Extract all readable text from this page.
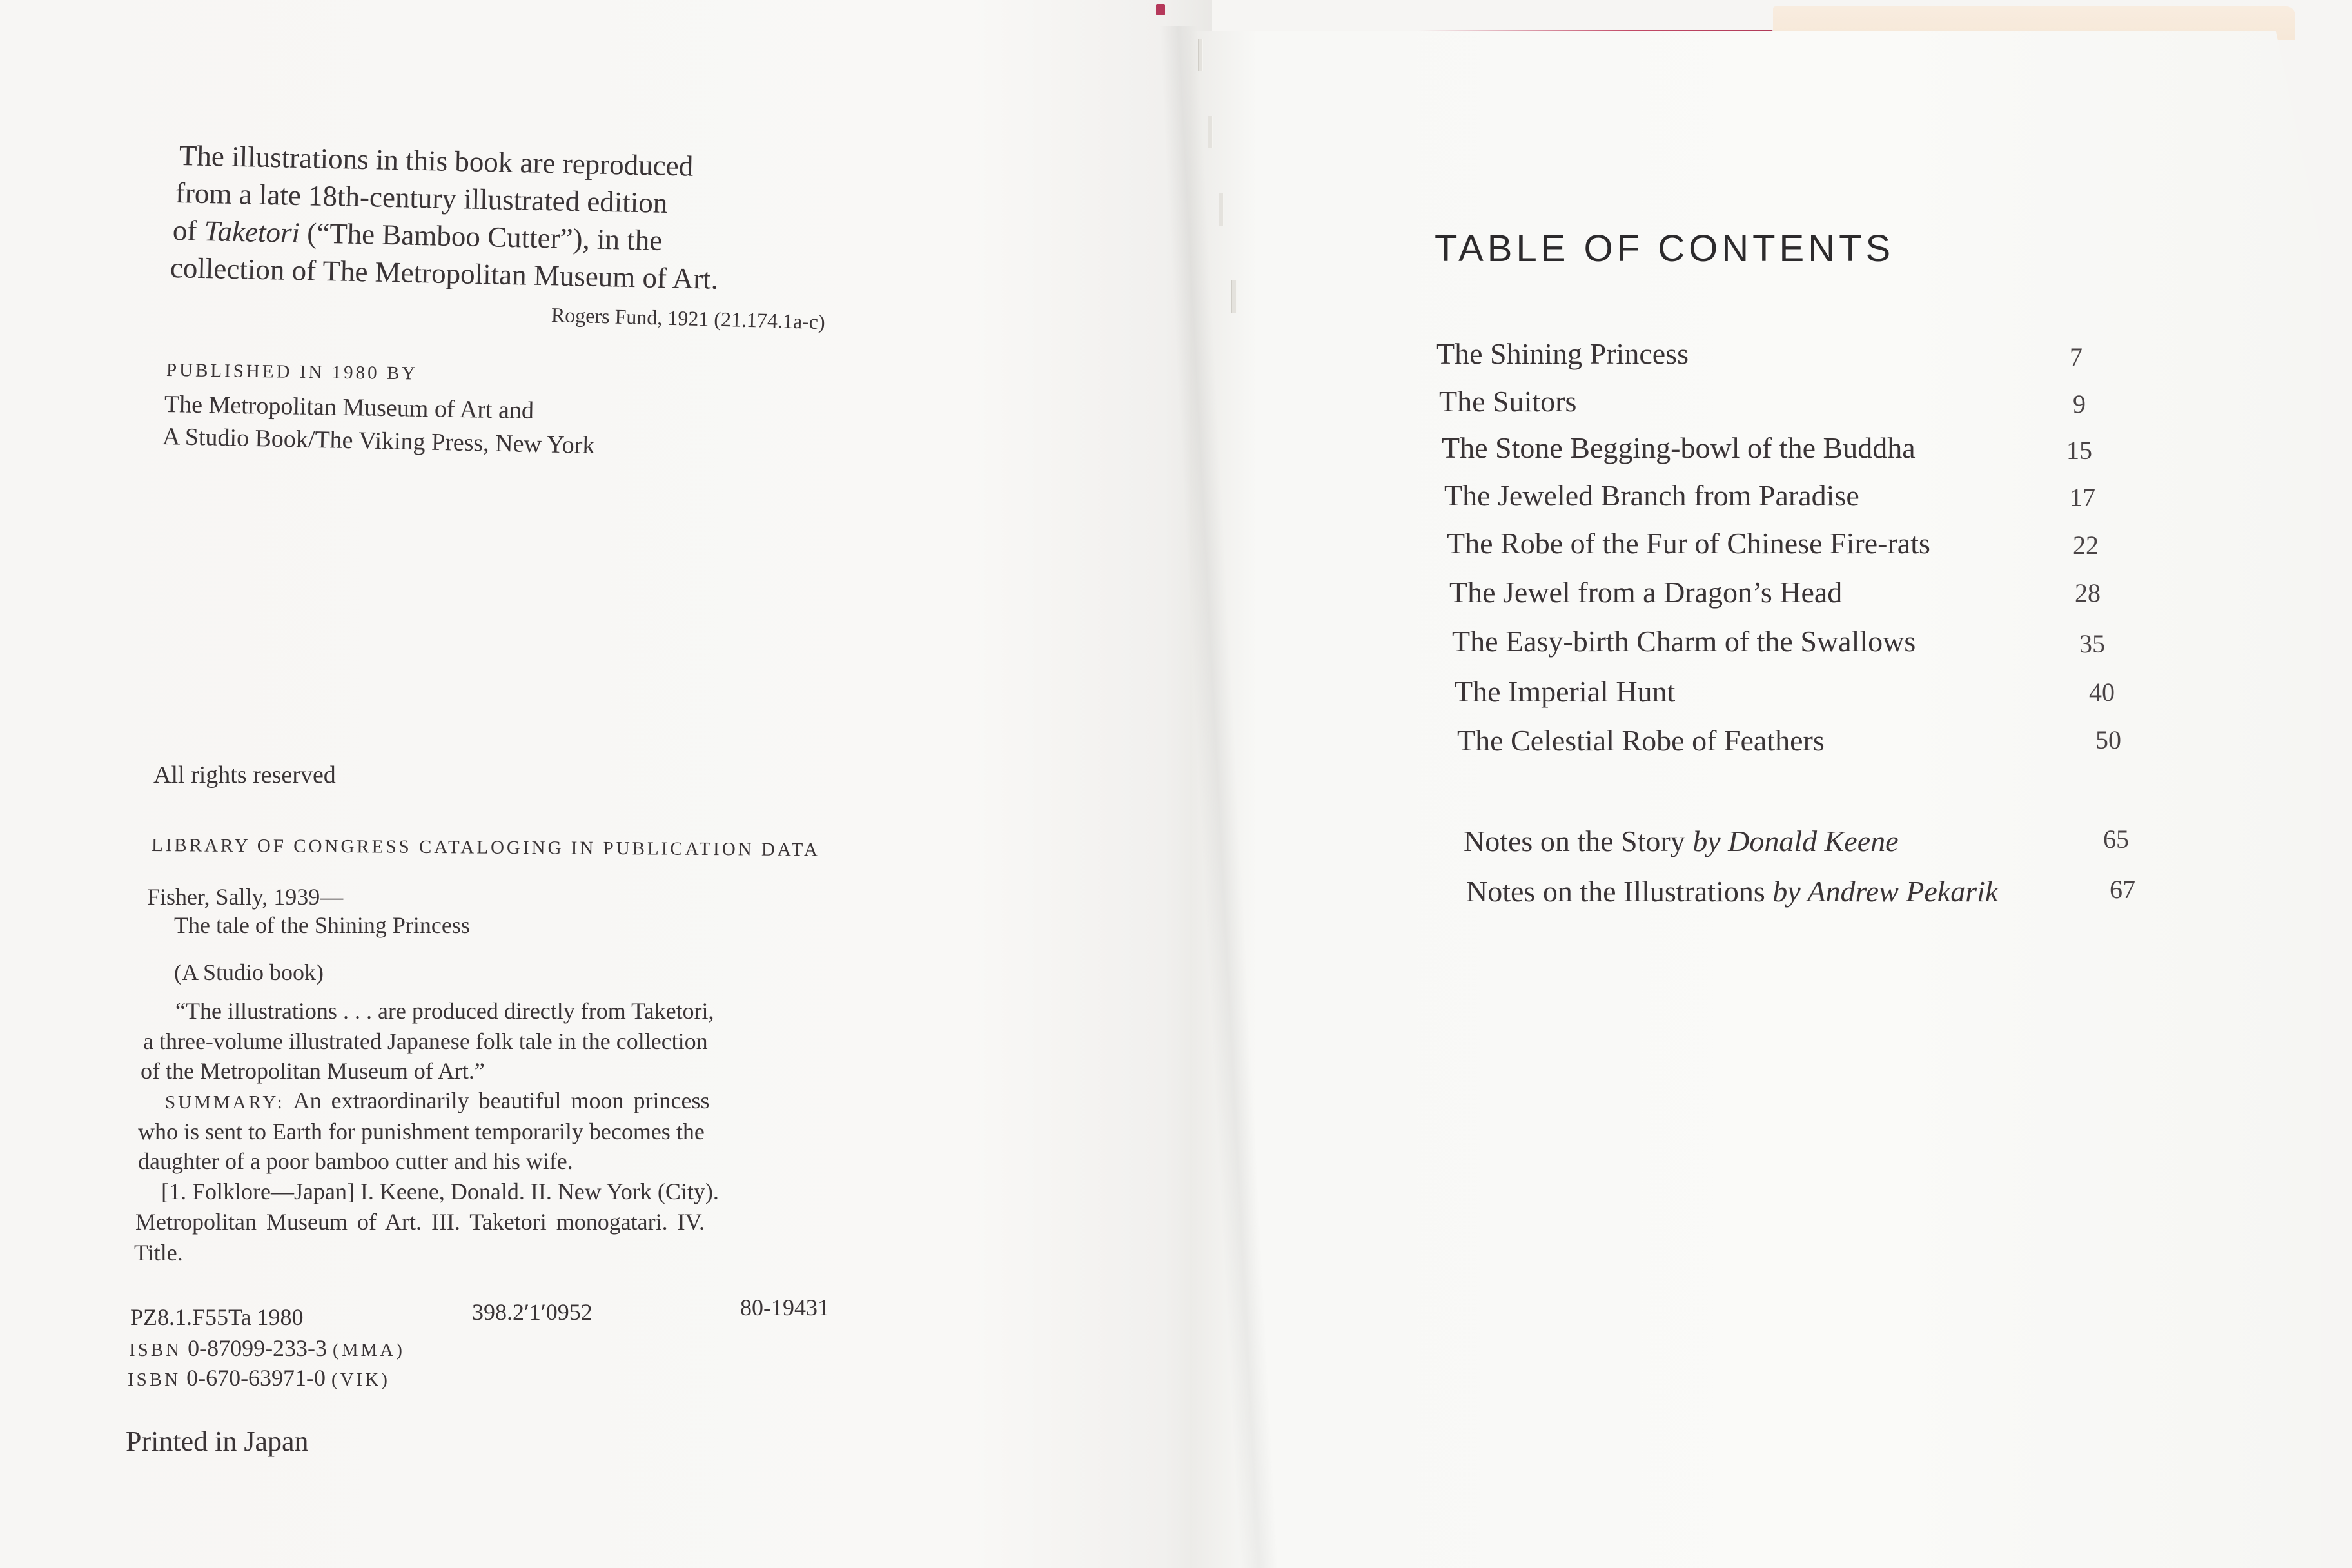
The illustrations in this book are reproduced
from a late 18th-century illustrated edition
of Taketori (“The Bamboo Cutter”), in the
collection of The Metropolitan Museum of Art.
Rogers Fund, 1921 (21.174.1a-c)
PUBLISHED IN 1980 BY
The Metropolitan Museum of Art and
A Studio Book/The Viking Press, New York
All rights reserved
LIBRARY OF CONGRESS CATALOGING IN PUBLICATION DATA
Fisher, Sally, 1939—
The tale of the Shining Princess
(A Studio book)
“The illustrations . . . are produced directly from Taketori,
a three-volume illustrated Japanese folk tale in the collection
of the Metropolitan Museum of Art.”
SUMMARY: An extraordinarily beautiful moon princess
who is sent to Earth for punishment temporarily becomes the
daughter of a poor bamboo cutter and his wife.
[1. Folklore—Japan] I. Keene, Donald. II. New York (City).
Metropolitan Museum of Art. III. Taketori monogatari. IV.
Title.
PZ8.1.F55Ta 1980	398.2′1′0952	80-19431
ISBN 0-87099-233-3 (MMA)
ISBN 0-670-63971-0 (VIK)
Printed in Japan
TABLE OF CONTENTS
The Shining Princess	7
The Suitors	9
The Stone Begging-bowl of the Buddha	15
The Jeweled Branch from Paradise	17
The Robe of the Fur of Chinese Fire-rats	22
The Jewel from a Dragon’s Head	28
The Easy-birth Charm of the Swallows	35
The Imperial Hunt	40
The Celestial Robe of Feathers	50
Notes on the Story by Donald Keene	65
Notes on the Illustrations by Andrew Pekarik	67
